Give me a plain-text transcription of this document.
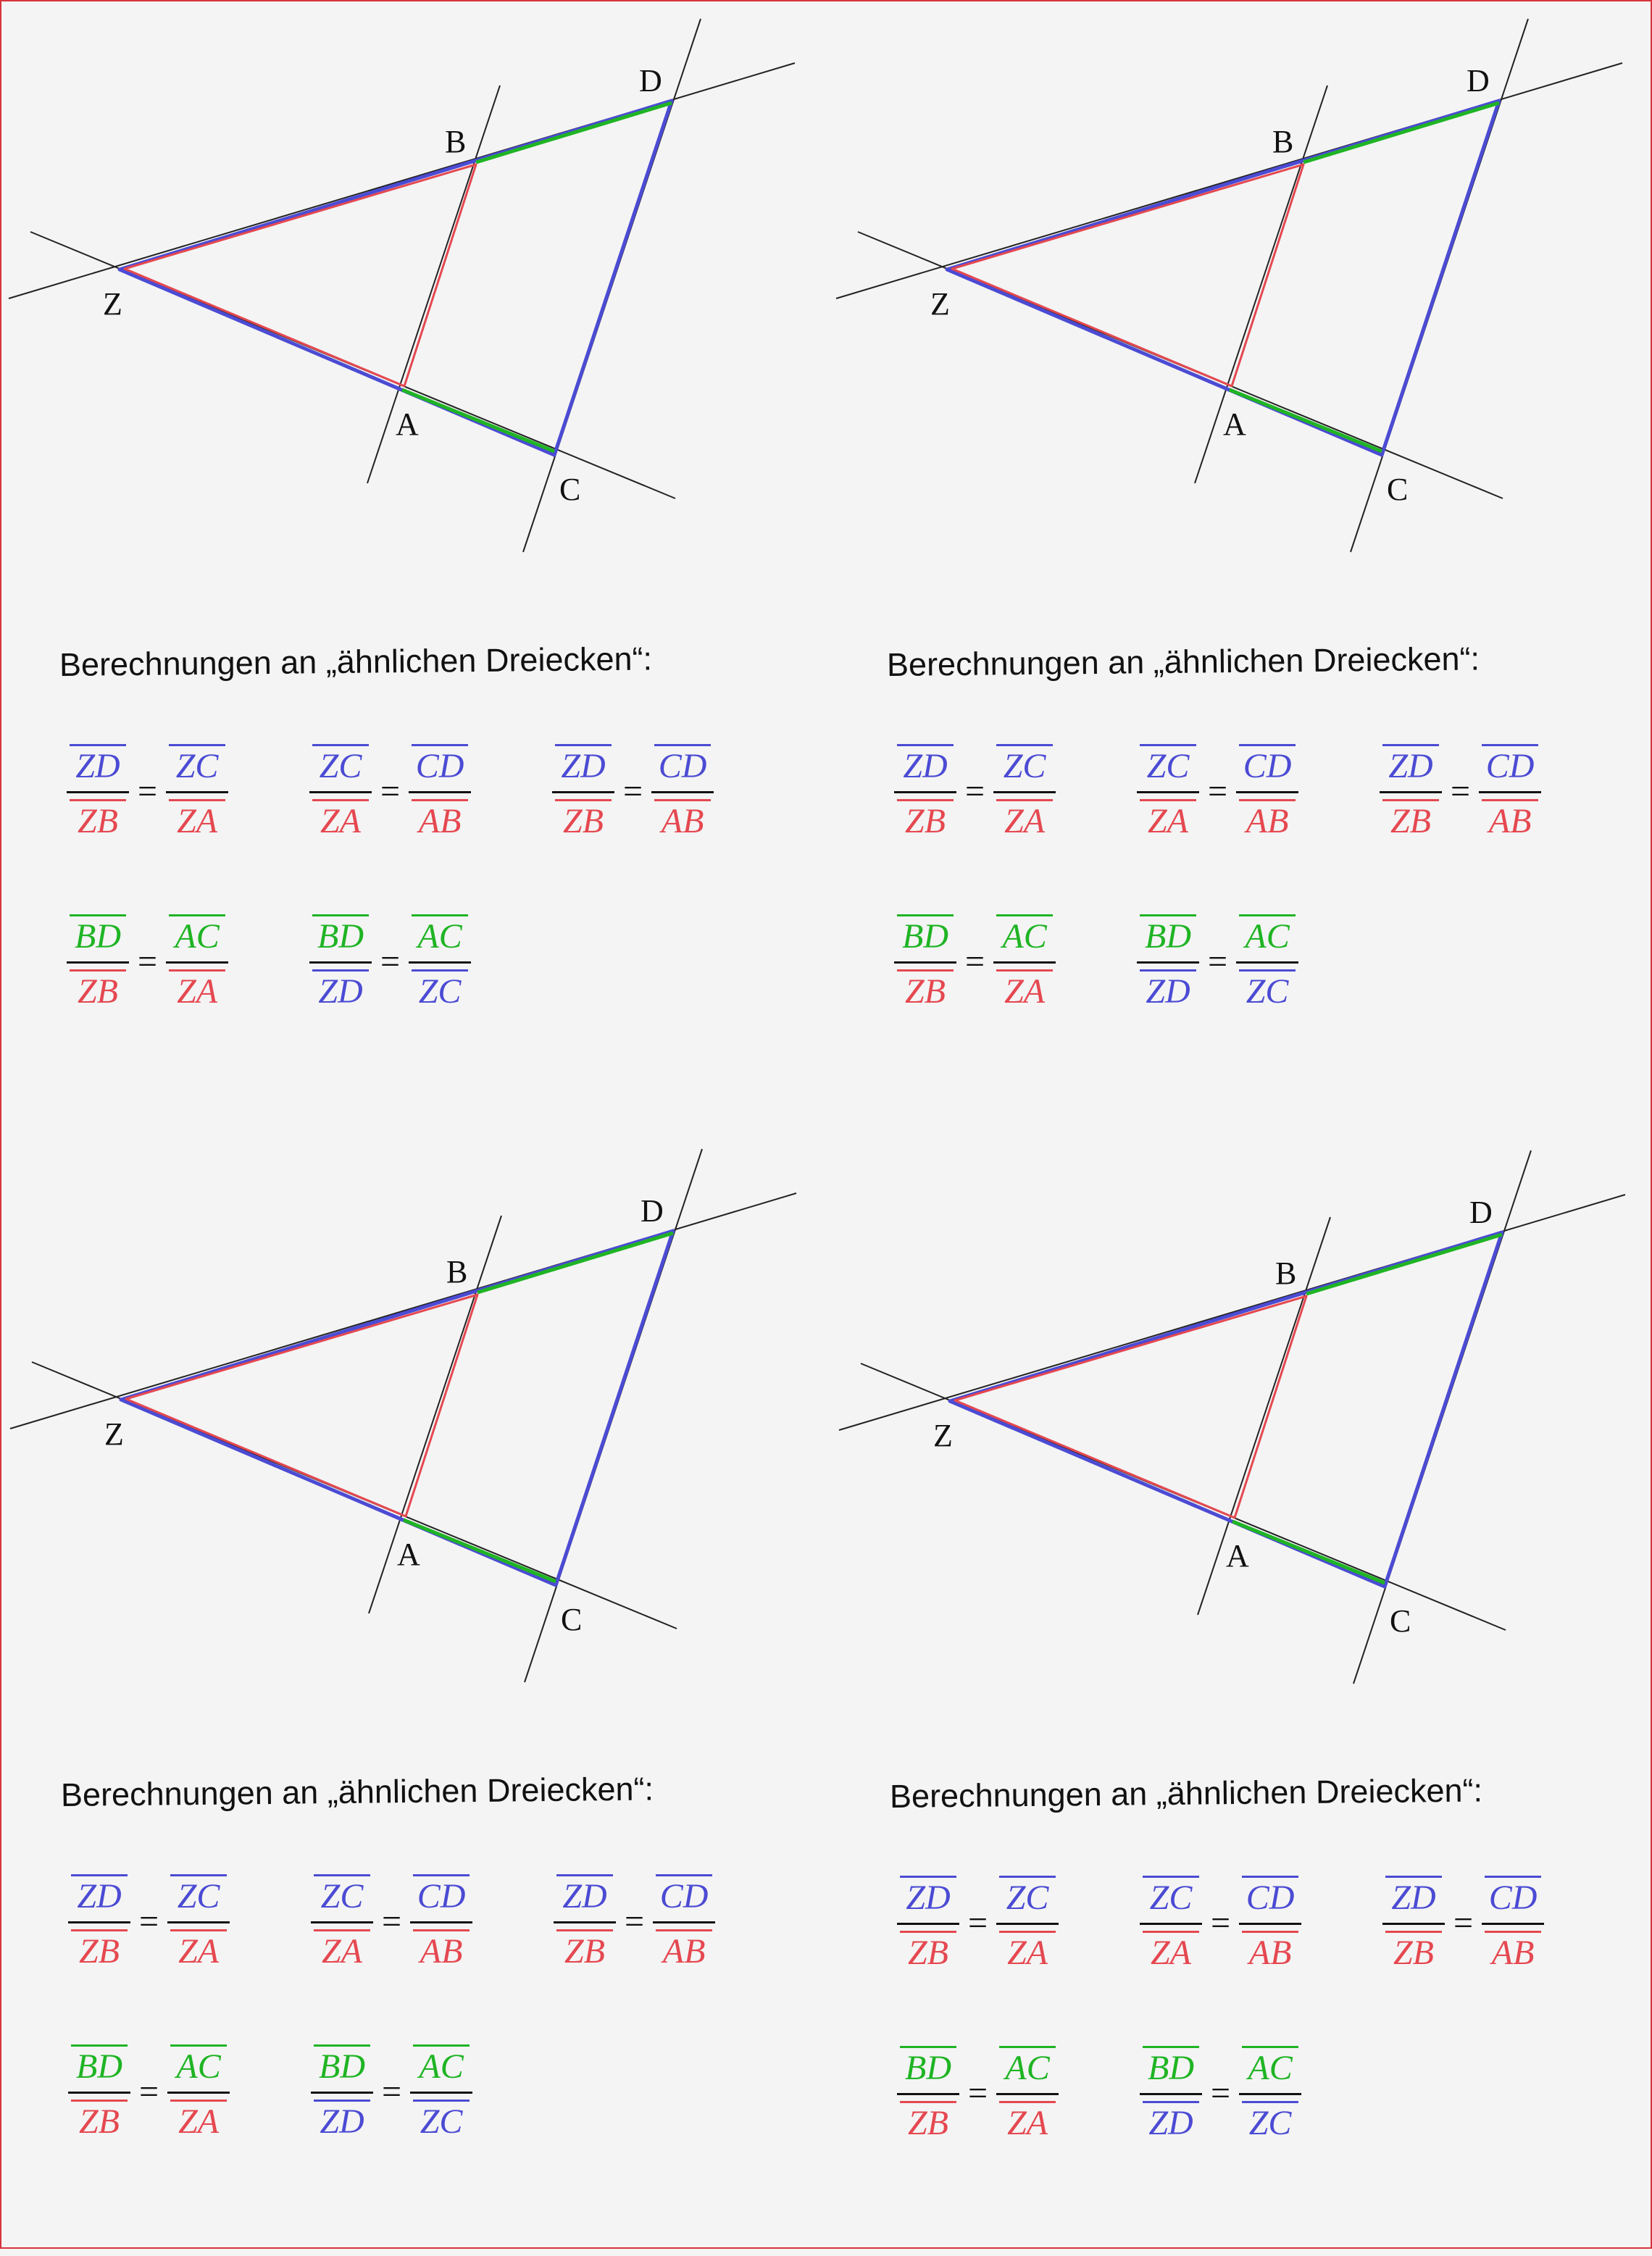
Z
B
A
C
D
Berechnungen an „ähnlichen Dreiecken“:
$\frac{ZD}{ZB} = \frac{ZC}{ZA} \frac{ZC}{ZA} = \frac{CD}{AB} \frac{ZD}{ZB} = \frac{CD}{AB}$
$\frac{BD}{ZB} = \frac{AC}{ZA} \frac{BD}{ZD} = \frac{AC}{ZC}$
Z
B
A
C
D
Berechnungen an „ähnlichen Dreiecken“:
$\frac{ZD}{ZB} = \frac{ZC}{ZA} \frac{ZC}{ZA} = \frac{CD}{AB} \frac{ZD}{ZB} = \frac{CD}{AB}$
$\frac{BD}{ZB} = \frac{AC}{ZA} \frac{BD}{ZD} = \frac{AC}{ZC}$
Z
B
A
C
D
Berechnungen an „ähnlichen Dreiecken“:
$\frac{ZD}{ZB} = \frac{ZC}{ZA} \frac{ZC}{ZA} = \frac{CD}{AB} \frac{ZD}{ZB} = \frac{CD}{AB}$
$\frac{BD}{ZB} = \frac{AC}{ZA} \frac{BD}{ZD} = \frac{AC}{ZC}$
Z
B
A
C
D
Berechnungen an „ähnlichen Dreiecken“:
$\frac{ZD}{ZB} = \frac{ZC}{ZA} \frac{ZC}{ZA} = \frac{CD}{AB} \frac{ZD}{ZB} = \frac{CD}{AB}$
$\frac{BD}{ZB} = \frac{AC}{ZA} \frac{BD}{ZD} = \frac{AC}{ZC}$
